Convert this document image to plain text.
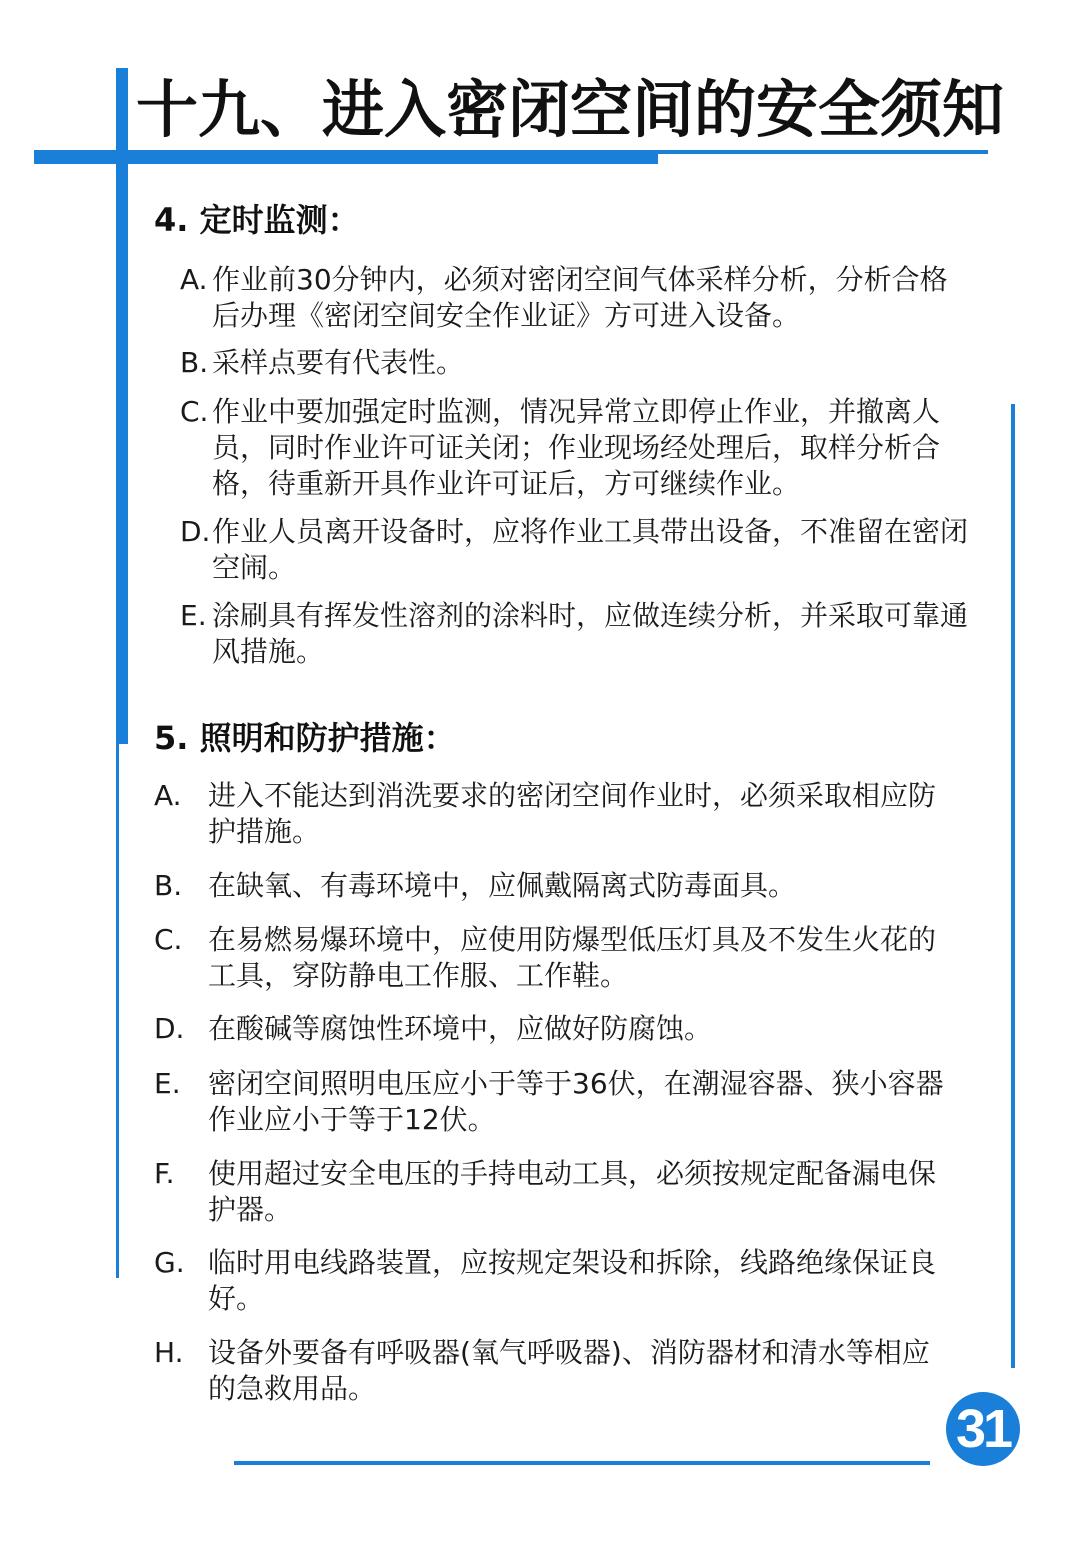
十九、进入密闭空间的安全须知
4. 定时监测：
A. 作业前30分钟内，必须对密闭空间气体采样分析，分析合格后办理《密闭空间安全作业证》方可进入设备。
B. 采样点要有代表性。
C. 作业中要加强定时监测，情况异常立即停止作业，并撤离人员，同时作业许可证关闭；作业现场经处理后，取样分析合格，待重新开具作业许可证后，方可继续作业。
D. 作业人员离开设备时，应将作业工具带出设备，不准留在密闭空闹。
E. 涂刷具有挥发性溶剂的涂料时，应做连续分析，并采取可靠通风措施。
5. 照明和防护措施：
A. 进入不能达到消洗要求的密闭空间作业时，必须采取相应防护措施。
B. 在缺氧、有毒环境中，应佩戴隔离式防毒面具。
C. 在易燃易爆环境中，应使用防爆型低压灯具及不发生火花的工具，穿防静电工作服、工作鞋。
D. 在酸碱等腐蚀性环境中，应做好防腐蚀。
E. 密闭空间照明电压应小于等于36伏，在潮湿容器、狭小容器作业应小于等于12伏。
F.	使用超过安全电压的手持电动工具，必须按规定配备漏电保护器。
G. 临时用电线路装置，应按规定架设和拆除，线路绝缘保证良好。
H. 设备外要备有呼吸器(氧气呼吸器)、消防器材和清水等相应的急救用品。
31
